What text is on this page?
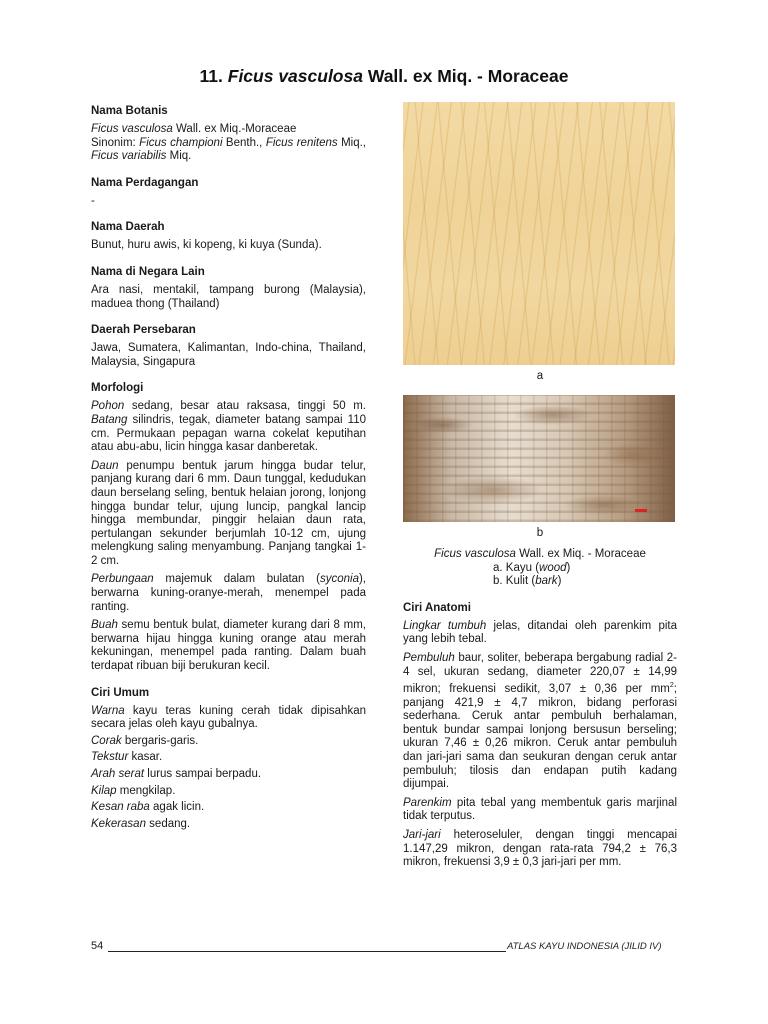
11. Ficus vasculosa Wall. ex Miq. - Moraceae

Nama Botanis

Ficus vasculosa Wall. ex Miq.-Moraceae

Sinonim: Ficus championi Benth., Ficus renitens Miq., Ficus variabilis Miq.

Nama Perdagangan

-

Nama Daerah

Bunut, huru awis, ki kopeng, ki kuya (Sunda).

Nama di Negara Lain

Ara nasi, mentakil, tampang burong (Malaysia), maduea thong (Thailand)

Daerah Persebaran

Jawa, Sumatera, Kalimantan, Indo-china, Thailand, Malaysia, Singapura

Morfologi

Pohon sedang, besar atau raksasa, tinggi 50 m. Batang silindris, tegak, diameter batang sampai 110 cm. Permukaan pepagan warna cokelat keputihan atau abu-abu, licin hingga kasar danberetak.

Daun penumpu bentuk jarum hingga budar telur, panjang kurang dari 6 mm. Daun tunggal, kedudukan daun berselang seling, bentuk helaian jorong, lonjong hingga bundar telur, ujung luncip, pangkal lancip hingga membundar, pinggir helaian daun rata, pertulangan sekunder berjumlah 10-12 cm, ujung melengkung saling menyambung. Panjang tangkai 1-2 cm.

Perbungaan majemuk dalam bulatan (syconia), berwarna kuning-oranye-merah, menempel pada ranting.

Buah semu bentuk bulat, diameter kurang dari 8 mm, berwarna hijau hingga kuning orange atau merah kekuningan, menempel pada ranting. Dalam buah terdapat ribuan biji berukuran kecil.

Ciri Umum

Warna kayu teras kuning cerah tidak dipisahkan secara jelas oleh kayu gubalnya.

Corak bergaris-garis.

Tekstur kasar.

Arah serat lurus sampai berpadu.

Kilap mengkilap.

Kesan raba agak licin.

Kekerasan sedang.

a

b

Ficus vasculosa Wall. ex Miq. - Moraceae
a. Kayu (wood)
b. Kulit (bark)

Ciri Anatomi

Lingkar tumbuh jelas, ditandai oleh parenkim pita yang lebih tebal.

Pembuluh baur, soliter, beberapa bergabung radial 2-4 sel, ukuran sedang, diameter 220,07 ± 14,99 mikron; frekuensi sedikit, 3,07 ± 0,36 per $mm^2$; panjang 421,9 ± 4,7 mikron, bidang perforasi sederhana. Ceruk antar pembuluh berhalaman, bentuk bundar sampai lonjong bersusun berseling; ukuran 7,46 ± 0,26 mikron. Ceruk antar pembuluh dan jari-jari sama dan seukuran dengan ceruk antar pembuluh; tilosis dan endapan putih kadang dijumpai.

Parenkim pita tebal yang membentuk garis marjinal tidak terputus.

Jari-jari heteroseluler, dengan tinggi mencapai 1.147,29 mikron, dengan rata-rata 794,2 ± 76,3 mikron, frekuensi 3,9 ± 0,3 jari-jari per mm.

54	ATLAS KAYU INDONESIA (JILID IV)
